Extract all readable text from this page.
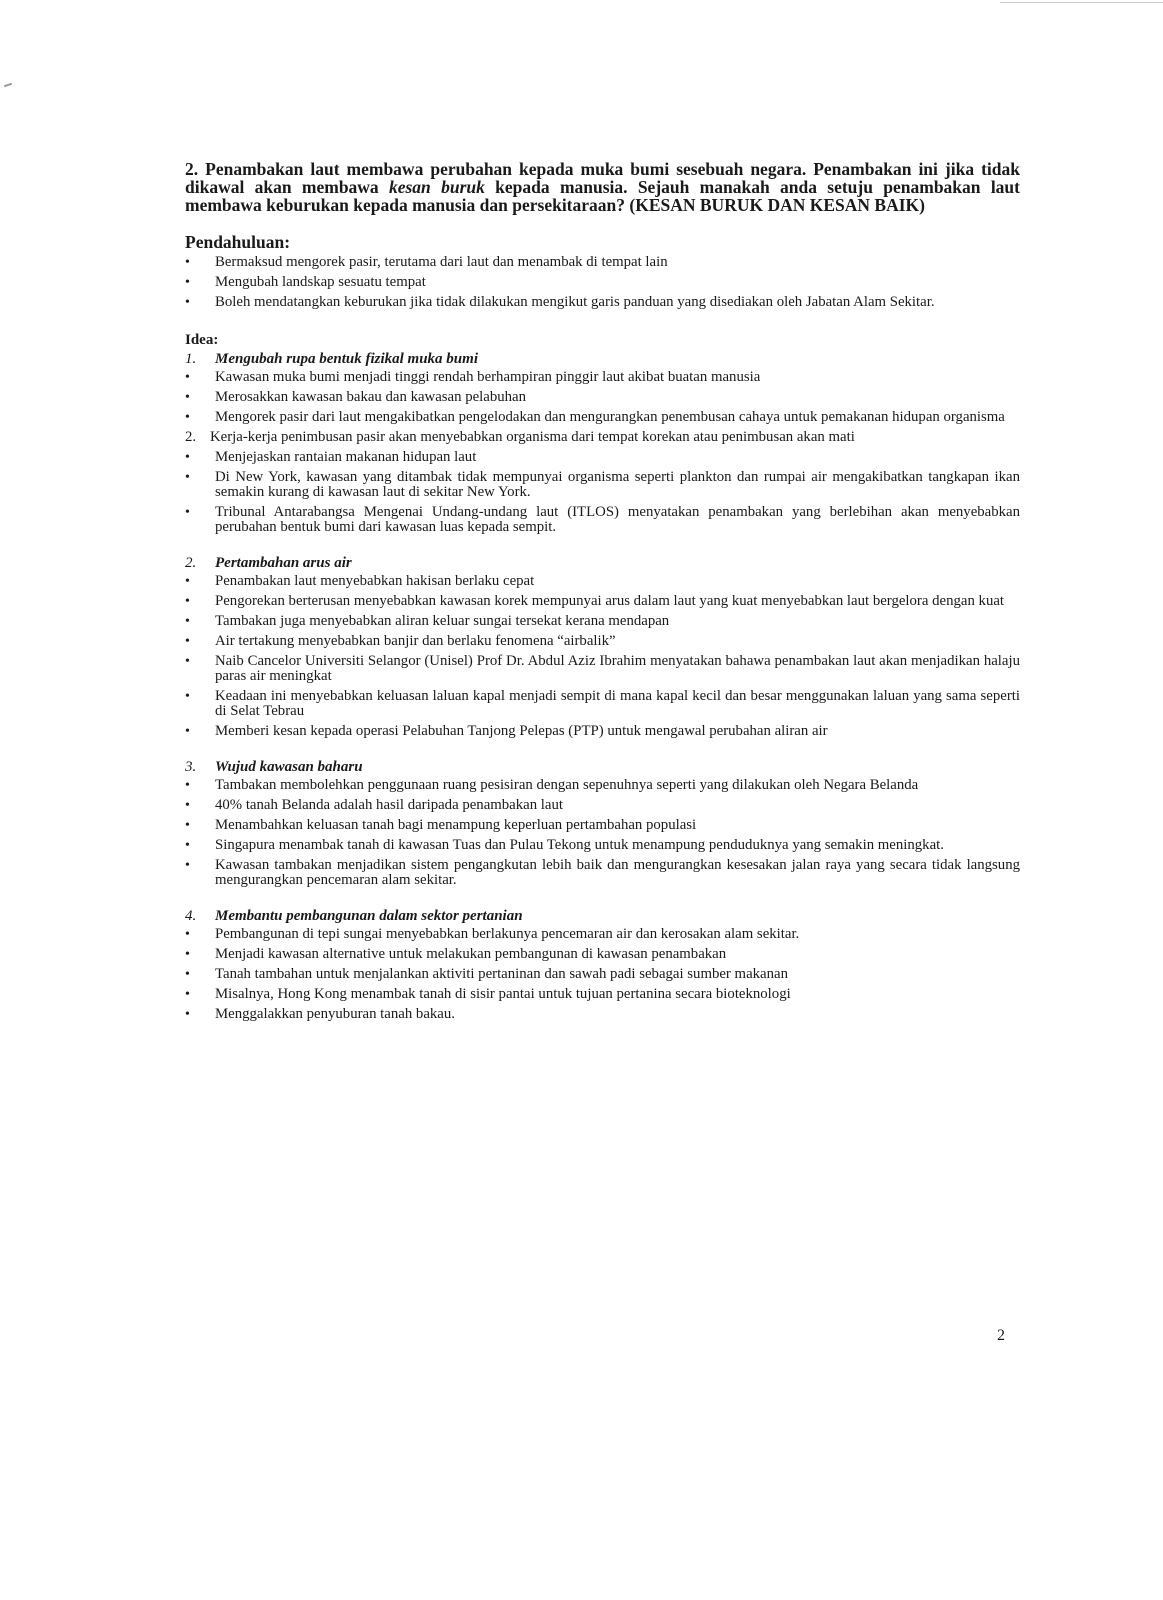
2. Penambakan laut membawa perubahan kepada muka bumi sesebuah negara. Penambakan ini jika tidak dikawal akan membawa kesan buruk kepada manusia. Sejauh manakah anda setuju penambakan laut membawa keburukan kepada manusia dan persekitaraan? (KESAN BURUK DAN KESAN BAIK)

Pendahuluan:
• Bermaksud mengorek pasir, terutama dari laut dan menambak di tempat lain
• Mengubah landskap sesuatu tempat
• Boleh mendatangkan keburukan jika tidak dilakukan mengikut garis panduan yang disediakan oleh Jabatan Alam Sekitar.
Idea:
1. Mengubah rupa bentuk fizikal muka bumi
• Kawasan muka bumi menjadi tinggi rendah berhampiran pinggir laut akibat buatan manusia
• Merosakkan kawasan bakau dan kawasan pelabuhan
• Mengorek pasir dari laut mengakibatkan pengelodakan dan mengurangkan penembusan cahaya untuk pemakanan hidupan organisma
2. Kerja-kerja penimbusan pasir akan menyebabkan organisma dari tempat korekan atau penimbusan akan mati
• Menjejaskan rantaian makanan hidupan laut
• Di New York, kawasan yang ditambak tidak mempunyai organisma seperti plankton dan rumpai air mengakibatkan tangkapan ikan semakin kurang di kawasan laut di sekitar New York.
• Tribunal Antarabangsa Mengenai Undang-undang laut (ITLOS) menyatakan penambakan yang berlebihan akan menyebabkan perubahan bentuk bumi dari kawasan luas kepada sempit.
2. Pertambahan arus air
• Penambakan laut menyebabkan hakisan berlaku cepat
• Pengorekan berterusan menyebabkan kawasan korek mempunyai arus dalam laut yang kuat menyebabkan laut bergelora dengan kuat
• Tambakan juga menyebabkan aliran keluar sungai tersekat kerana mendapan
• Air tertakung menyebabkan banjir dan berlaku fenomena “airbalik”
• Naib Cancelor Universiti Selangor (Unisel) Prof Dr. Abdul Aziz Ibrahim menyatakan bahawa penambakan laut akan menjadikan halaju paras air meningkat
• Keadaan ini menyebabkan keluasan laluan kapal menjadi sempit di mana kapal kecil dan besar menggunakan laluan yang sama seperti di Selat Tebrau
• Memberi kesan kepada operasi Pelabuhan Tanjong Pelepas (PTP) untuk mengawal perubahan aliran air
3. Wujud kawasan baharu
• Tambakan membolehkan penggunaan ruang pesisiran dengan sepenuhnya seperti yang dilakukan oleh Negara Belanda
• 40% tanah Belanda adalah hasil daripada penambakan laut
• Menambahkan keluasan tanah bagi menampung keperluan pertambahan populasi
• Singapura menambak tanah di kawasan Tuas dan Pulau Tekong untuk menampung penduduknya yang semakin meningkat.
• Kawasan tambakan menjadikan sistem pengangkutan lebih baik dan mengurangkan kesesakan jalan raya yang secara tidak langsung mengurangkan pencemaran alam sekitar.
4. Membantu pembangunan dalam sektor pertanian
• Pembangunan di tepi sungai menyebabkan berlakunya pencemaran air dan kerosakan alam sekitar.
• Menjadi kawasan alternative untuk melakukan pembangunan di kawasan penambakan
• Tanah tambahan untuk menjalankan aktiviti pertaninan dan sawah padi sebagai sumber makanan
• Misalnya, Hong Kong menambak tanah di sisir pantai untuk tujuan pertanina secara bioteknologi
• Menggalakkan penyuburan tanah bakau.
2
